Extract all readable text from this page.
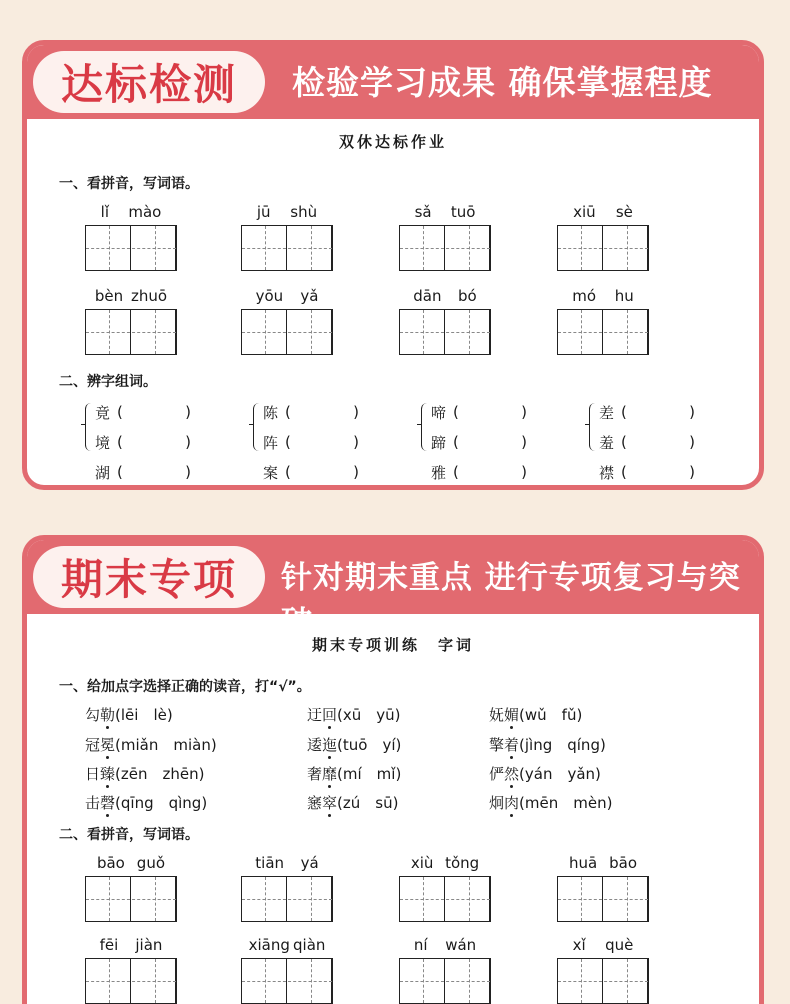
达标检测	检验学习成果 确保掌握程度
双休达标作业
一、看拼音，写词语。
lǐ mào	jū shù	sǎ tuō	xiū sè
bèn zhuō	yōu yǎ	dān bó	mó hu
二、辨字组词。
竟 (	)
境 (	)
湖 (	)
陈 (	)
阵 (	)
案 (	)
啼 (	)
蹄 (	)
雅 (	)
差 (	)
羞 (	)
襟 (	)
期末专项	针对期末重点 进行专项复习与突破
期末专项训练　字词
一、给加点字选择正确的读音，打“√”。
勾勒(lēi　lè)	迂回(xū　yū)	妩媚(wǔ　fǔ)
冠冕(miǎn　miàn)	逶迤(tuō　yí)	擎着(jìng　qíng)
日臻(zēn　zhēn)	奢靡(mí　mǐ)	俨然(yán　yǎn)
击磬(qīng　qìng)	窸窣(zú　sū)	炯肉(mēn　mèn)
二、看拼音，写词语。
bāo guǒ	tiān yá	xiù tǒng	huā bāo
fēi jiàn	xiāng qiàn	ní wán	xǐ què
